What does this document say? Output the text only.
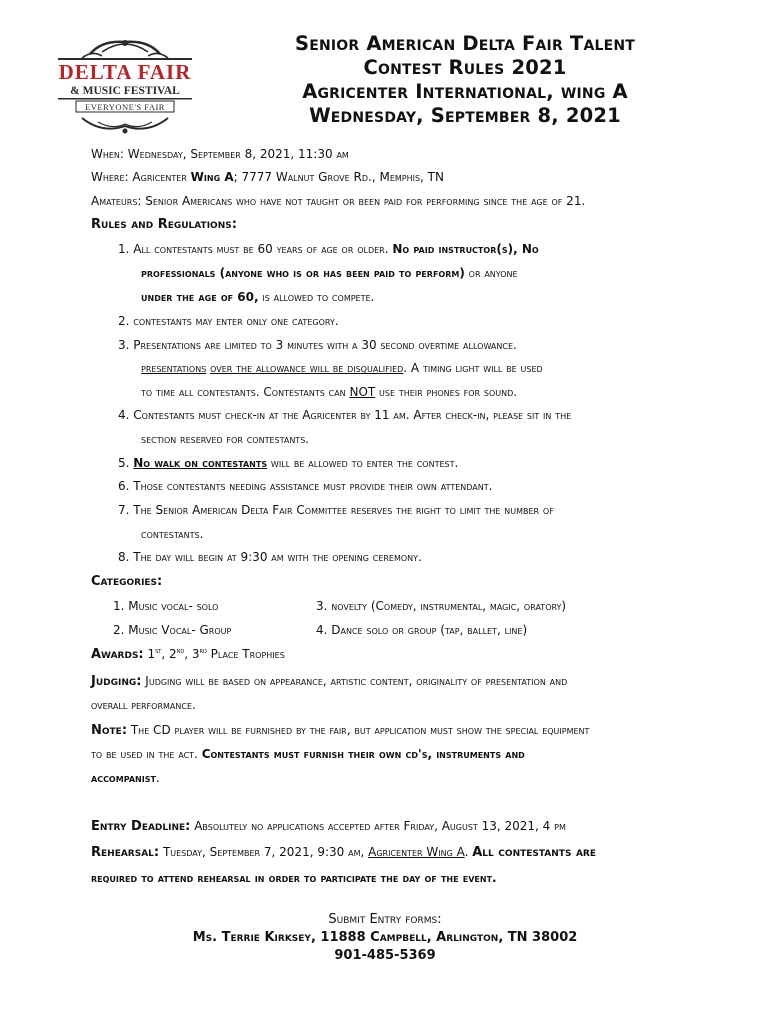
DELTA FAIR
& MUSIC FESTIVAL
EVERYONE'S FAIR
Senior American Delta Fair Talent
Contest Rules 2021
Agricenter International, wing A
Wednesday, September 8, 2021
When: Wednesday, September 8, 2021, 11:30 am
Where: Agricenter Wing A; 7777 Walnut Grove Rd., Memphis, TN
Amateurs: Senior Americans who have not taught or been paid for performing since the age of 21.
Rules and Regulations:
1. All contestants must be 60 years of age or older. No paid instructor(s), No
professionals (anyone who is or has been paid to perform) or anyone
under the age of 60, is allowed to compete.
2. contestants may enter only one category.
3. Presentations are limited to 3 minutes with a 30 second overtime allowance.
presentations over the allowance will be disqualified. A timing light will be used
to time all contestants. Contestants can NOT use their phones for sound.
4. Contestants must check-in at the Agricenter by 11 am. After check-in, please sit in the
section reserved for contestants.
5. No walk on contestants will be allowed to enter the contest.
6. Those contestants needing assistance must provide their own attendant.
7. The Senior American Delta Fair Committee reserves the right to limit the number of
contestants.
8. The day will begin at 9:30 am with the opening ceremony.
Categories:
1. Music vocal- solo	3. novelty (Comedy, instrumental, magic, oratory)
2. Music Vocal- Group	4. Dance solo or group (tap, ballet, line)
Awards: 1st, 2nd, 3rd Place Trophies
Judging: Judging will be based on appearance, artistic content, originality of presentation and
overall performance.
Note: The CD player will be furnished by the fair, but application must show the special equipment
to be used in the act. Contestants must furnish their own cd's, instruments and
accompanist.
Entry Deadline: Absolutely no applications accepted after Friday, August 13, 2021, 4 pm
Rehearsal: Tuesday, September 7, 2021, 9:30 am, Agricenter Wing A. All contestants are
required to attend rehearsal in order to participate the day of the event.
Submit Entry forms:
Ms. Terrie Kirksey, 11888 Campbell, Arlington, TN 38002
901-485-5369
